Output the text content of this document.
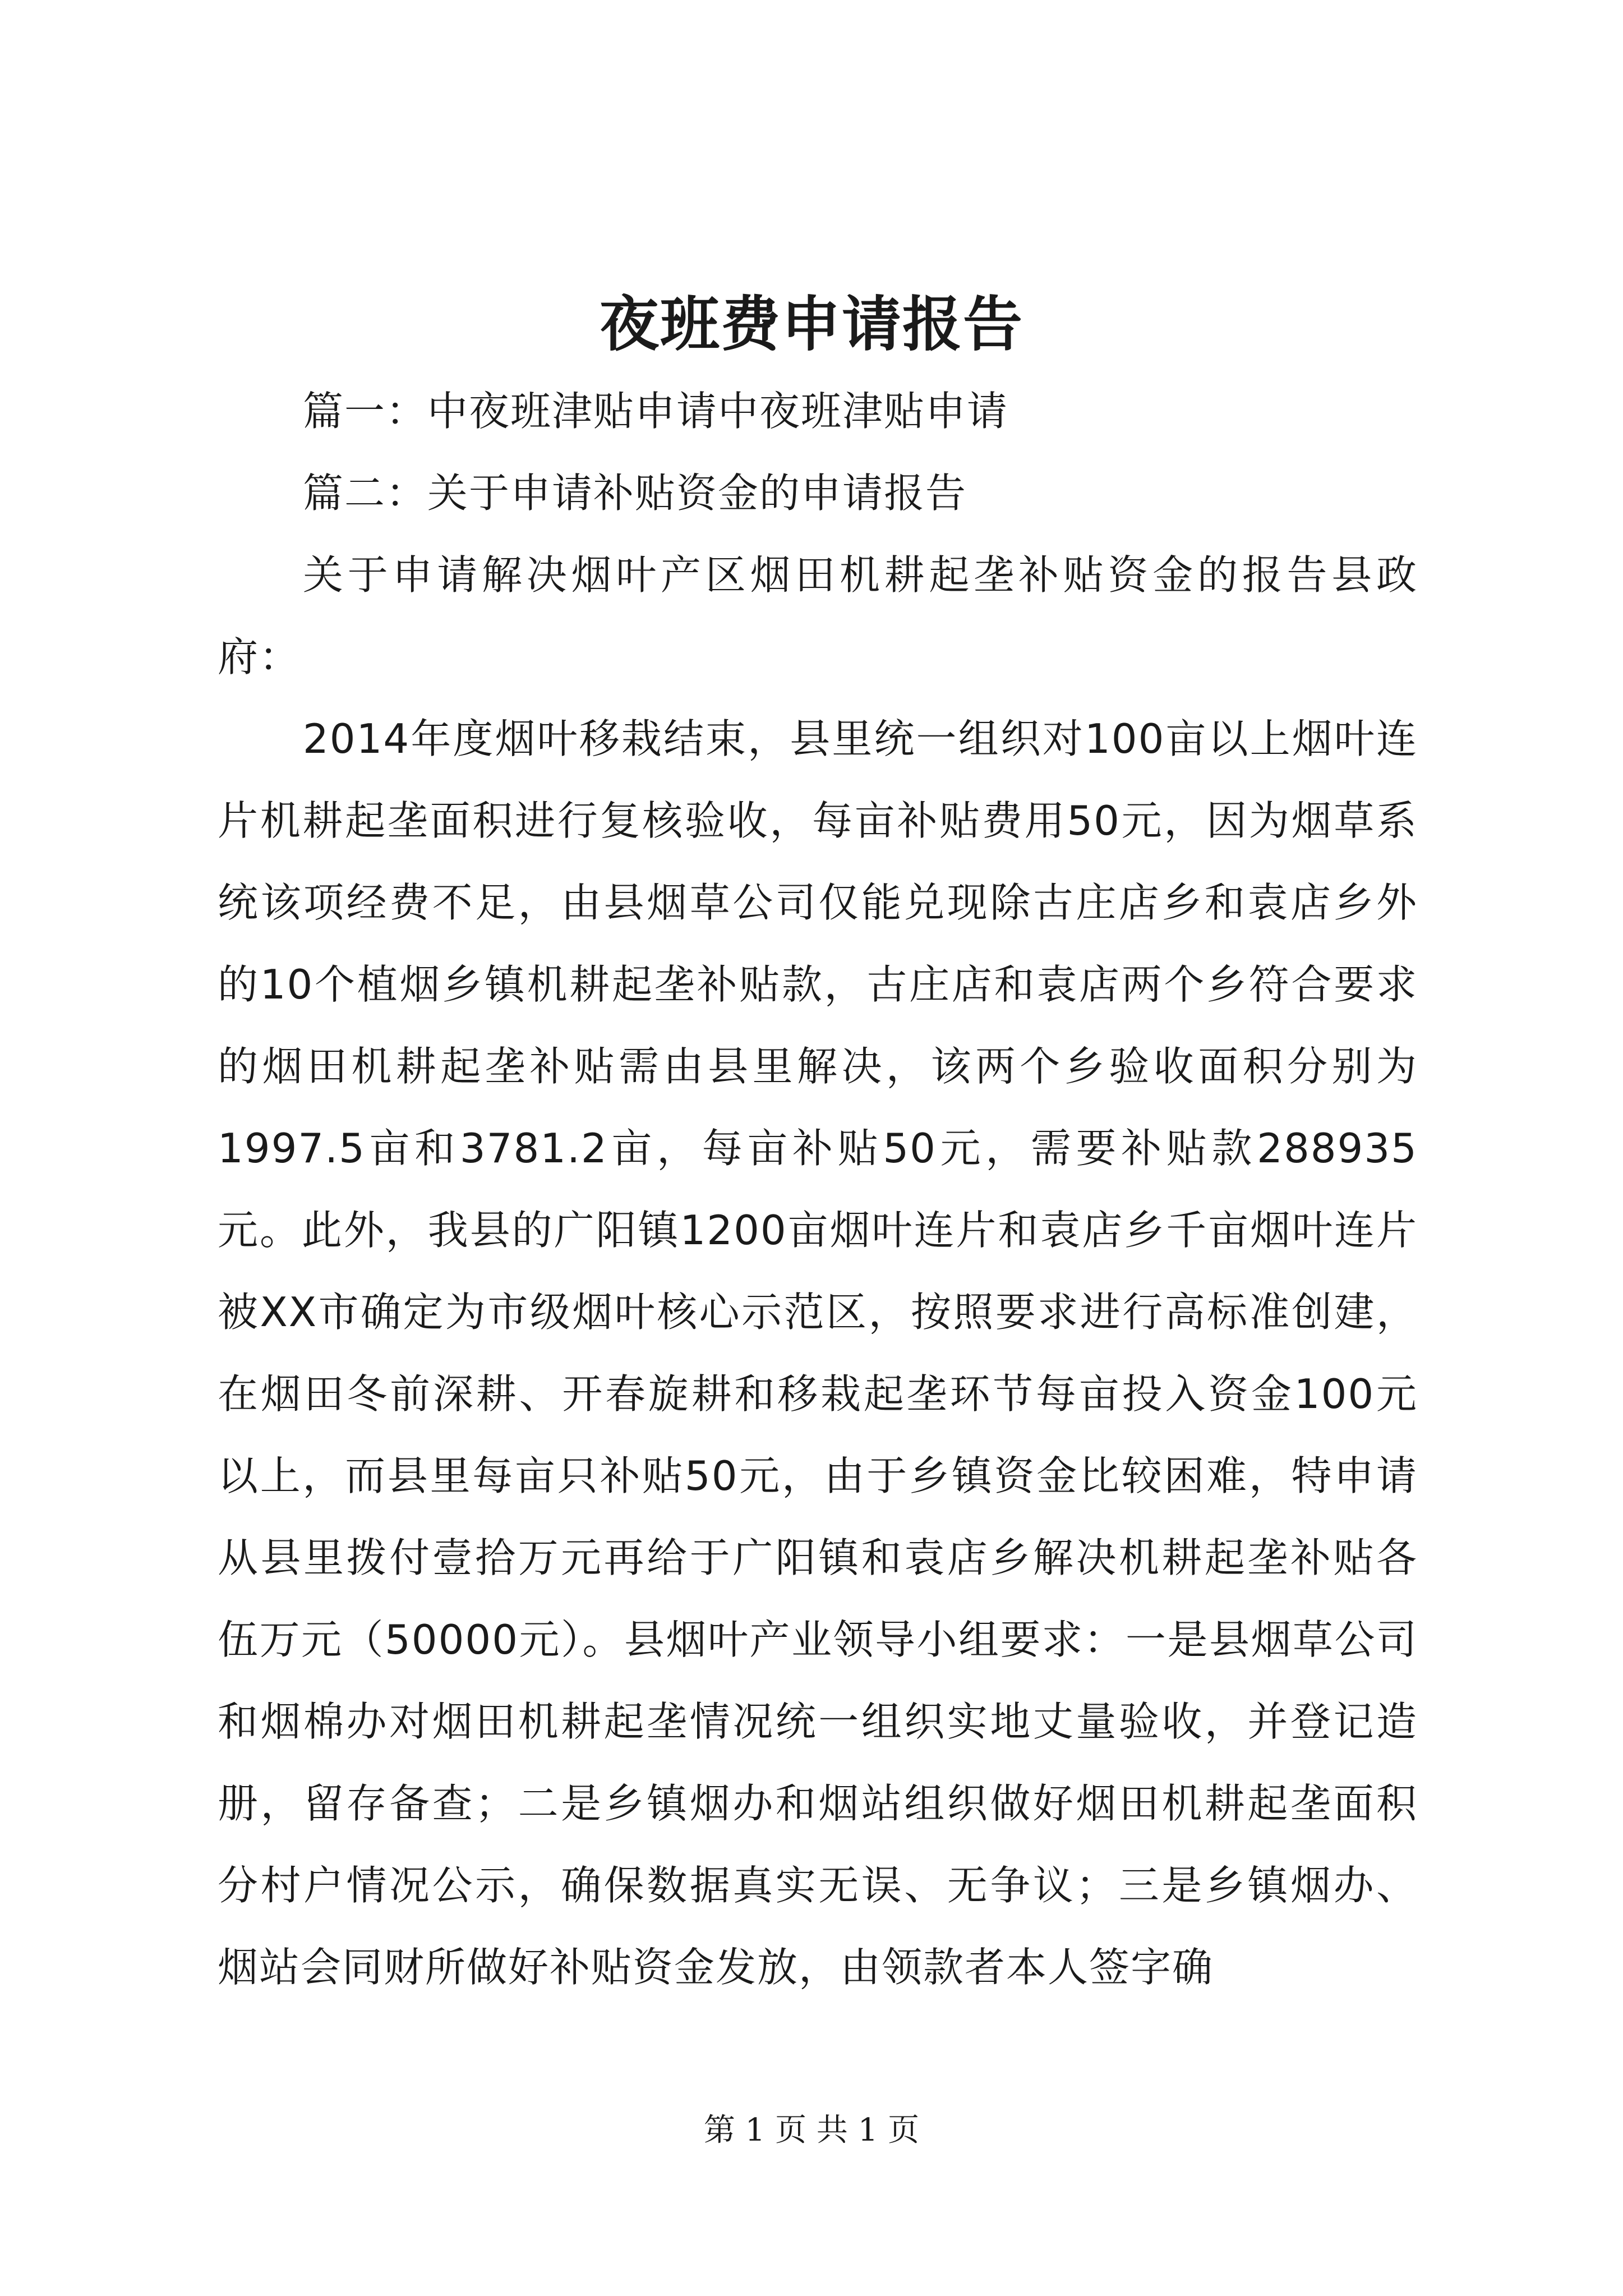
夜班费申请报告

篇一：中夜班津贴申请中夜班津贴申请

篇二：关于申请补贴资金的申请报告

关于申请解决烟叶产区烟田机耕起垄补贴资金的报告县政府：

2014年度烟叶移栽结束，县里统一组织对100亩以上烟叶连片机耕起垄面积进行复核验收，每亩补贴费用50元，因为烟草系统该项经费不足，由县烟草公司仅能兑现除古庄店乡和袁店乡外的10个植烟乡镇机耕起垄补贴款，古庄店和袁店两个乡符合要求的烟田机耕起垄补贴需由县里解决，该两个乡验收面积分别为1997.5亩和3781.2亩，每亩补贴50元，需要补贴款288935元。此外，我县的广阳镇1200亩烟叶连片和袁店乡千亩烟叶连片被XX市确定为市级烟叶核心示范区，按照要求进行高标准创建，在烟田冬前深耕、开春旋耕和移栽起垄环节每亩投入资金100元以上，而县里每亩只补贴50元，由于乡镇资金比较困难，特申请从县里拨付壹拾万元再给于广阳镇和袁店乡解决机耕起垄补贴各伍万元（50000元）。县烟叶产业领导小组要求：一是县烟草公司和烟棉办对烟田机耕起垄情况统一组织实地丈量验收，并登记造册，留存备查；二是乡镇烟办和烟站组织做好烟田机耕起垄面积分村户情况公示，确保数据真实无误、无争议；三是乡镇烟办、烟站会同财所做好补贴资金发放，由领款者本人签字确

第 1 页 共 1 页
